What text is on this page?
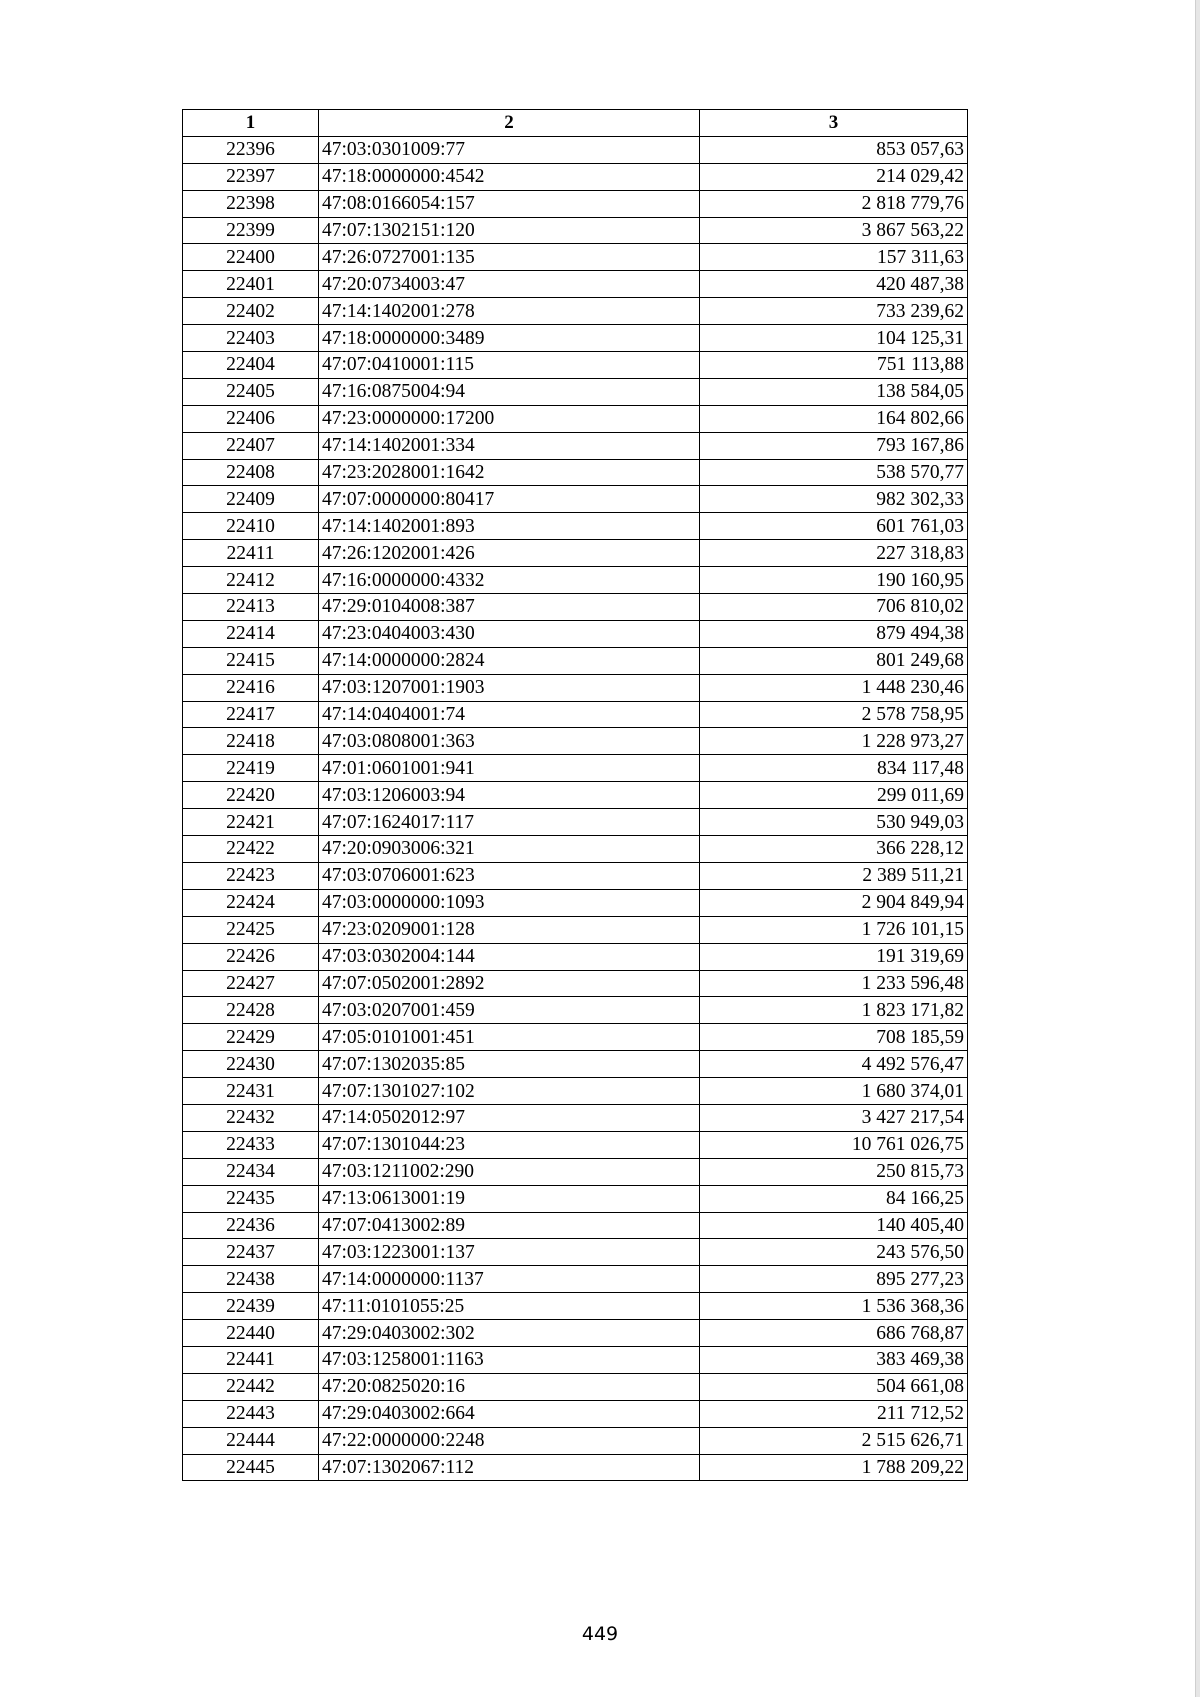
1	2	3
22396	47:03:0301009:77	853 057,63
22397	47:18:0000000:4542	214 029,42
22398	47:08:0166054:157	2 818 779,76
22399	47:07:1302151:120	3 867 563,22
22400	47:26:0727001:135	157 311,63
22401	47:20:0734003:47	420 487,38
22402	47:14:1402001:278	733 239,62
22403	47:18:0000000:3489	104 125,31
22404	47:07:0410001:115	751 113,88
22405	47:16:0875004:94	138 584,05
22406	47:23:0000000:17200	164 802,66
22407	47:14:1402001:334	793 167,86
22408	47:23:2028001:1642	538 570,77
22409	47:07:0000000:80417	982 302,33
22410	47:14:1402001:893	601 761,03
22411	47:26:1202001:426	227 318,83
22412	47:16:0000000:4332	190 160,95
22413	47:29:0104008:387	706 810,02
22414	47:23:0404003:430	879 494,38
22415	47:14:0000000:2824	801 249,68
22416	47:03:1207001:1903	1 448 230,46
22417	47:14:0404001:74	2 578 758,95
22418	47:03:0808001:363	1 228 973,27
22419	47:01:0601001:941	834 117,48
22420	47:03:1206003:94	299 011,69
22421	47:07:1624017:117	530 949,03
22422	47:20:0903006:321	366 228,12
22423	47:03:0706001:623	2 389 511,21
22424	47:03:0000000:1093	2 904 849,94
22425	47:23:0209001:128	1 726 101,15
22426	47:03:0302004:144	191 319,69
22427	47:07:0502001:2892	1 233 596,48
22428	47:03:0207001:459	1 823 171,82
22429	47:05:0101001:451	708 185,59
22430	47:07:1302035:85	4 492 576,47
22431	47:07:1301027:102	1 680 374,01
22432	47:14:0502012:97	3 427 217,54
22433	47:07:1301044:23	10 761 026,75
22434	47:03:1211002:290	250 815,73
22435	47:13:0613001:19	84 166,25
22436	47:07:0413002:89	140 405,40
22437	47:03:1223001:137	243 576,50
22438	47:14:0000000:1137	895 277,23
22439	47:11:0101055:25	1 536 368,36
22440	47:29:0403002:302	686 768,87
22441	47:03:1258001:1163	383 469,38
22442	47:20:0825020:16	504 661,08
22443	47:29:0403002:664	211 712,52
22444	47:22:0000000:2248	2 515 626,71
22445	47:07:1302067:112	1 788 209,22
449
